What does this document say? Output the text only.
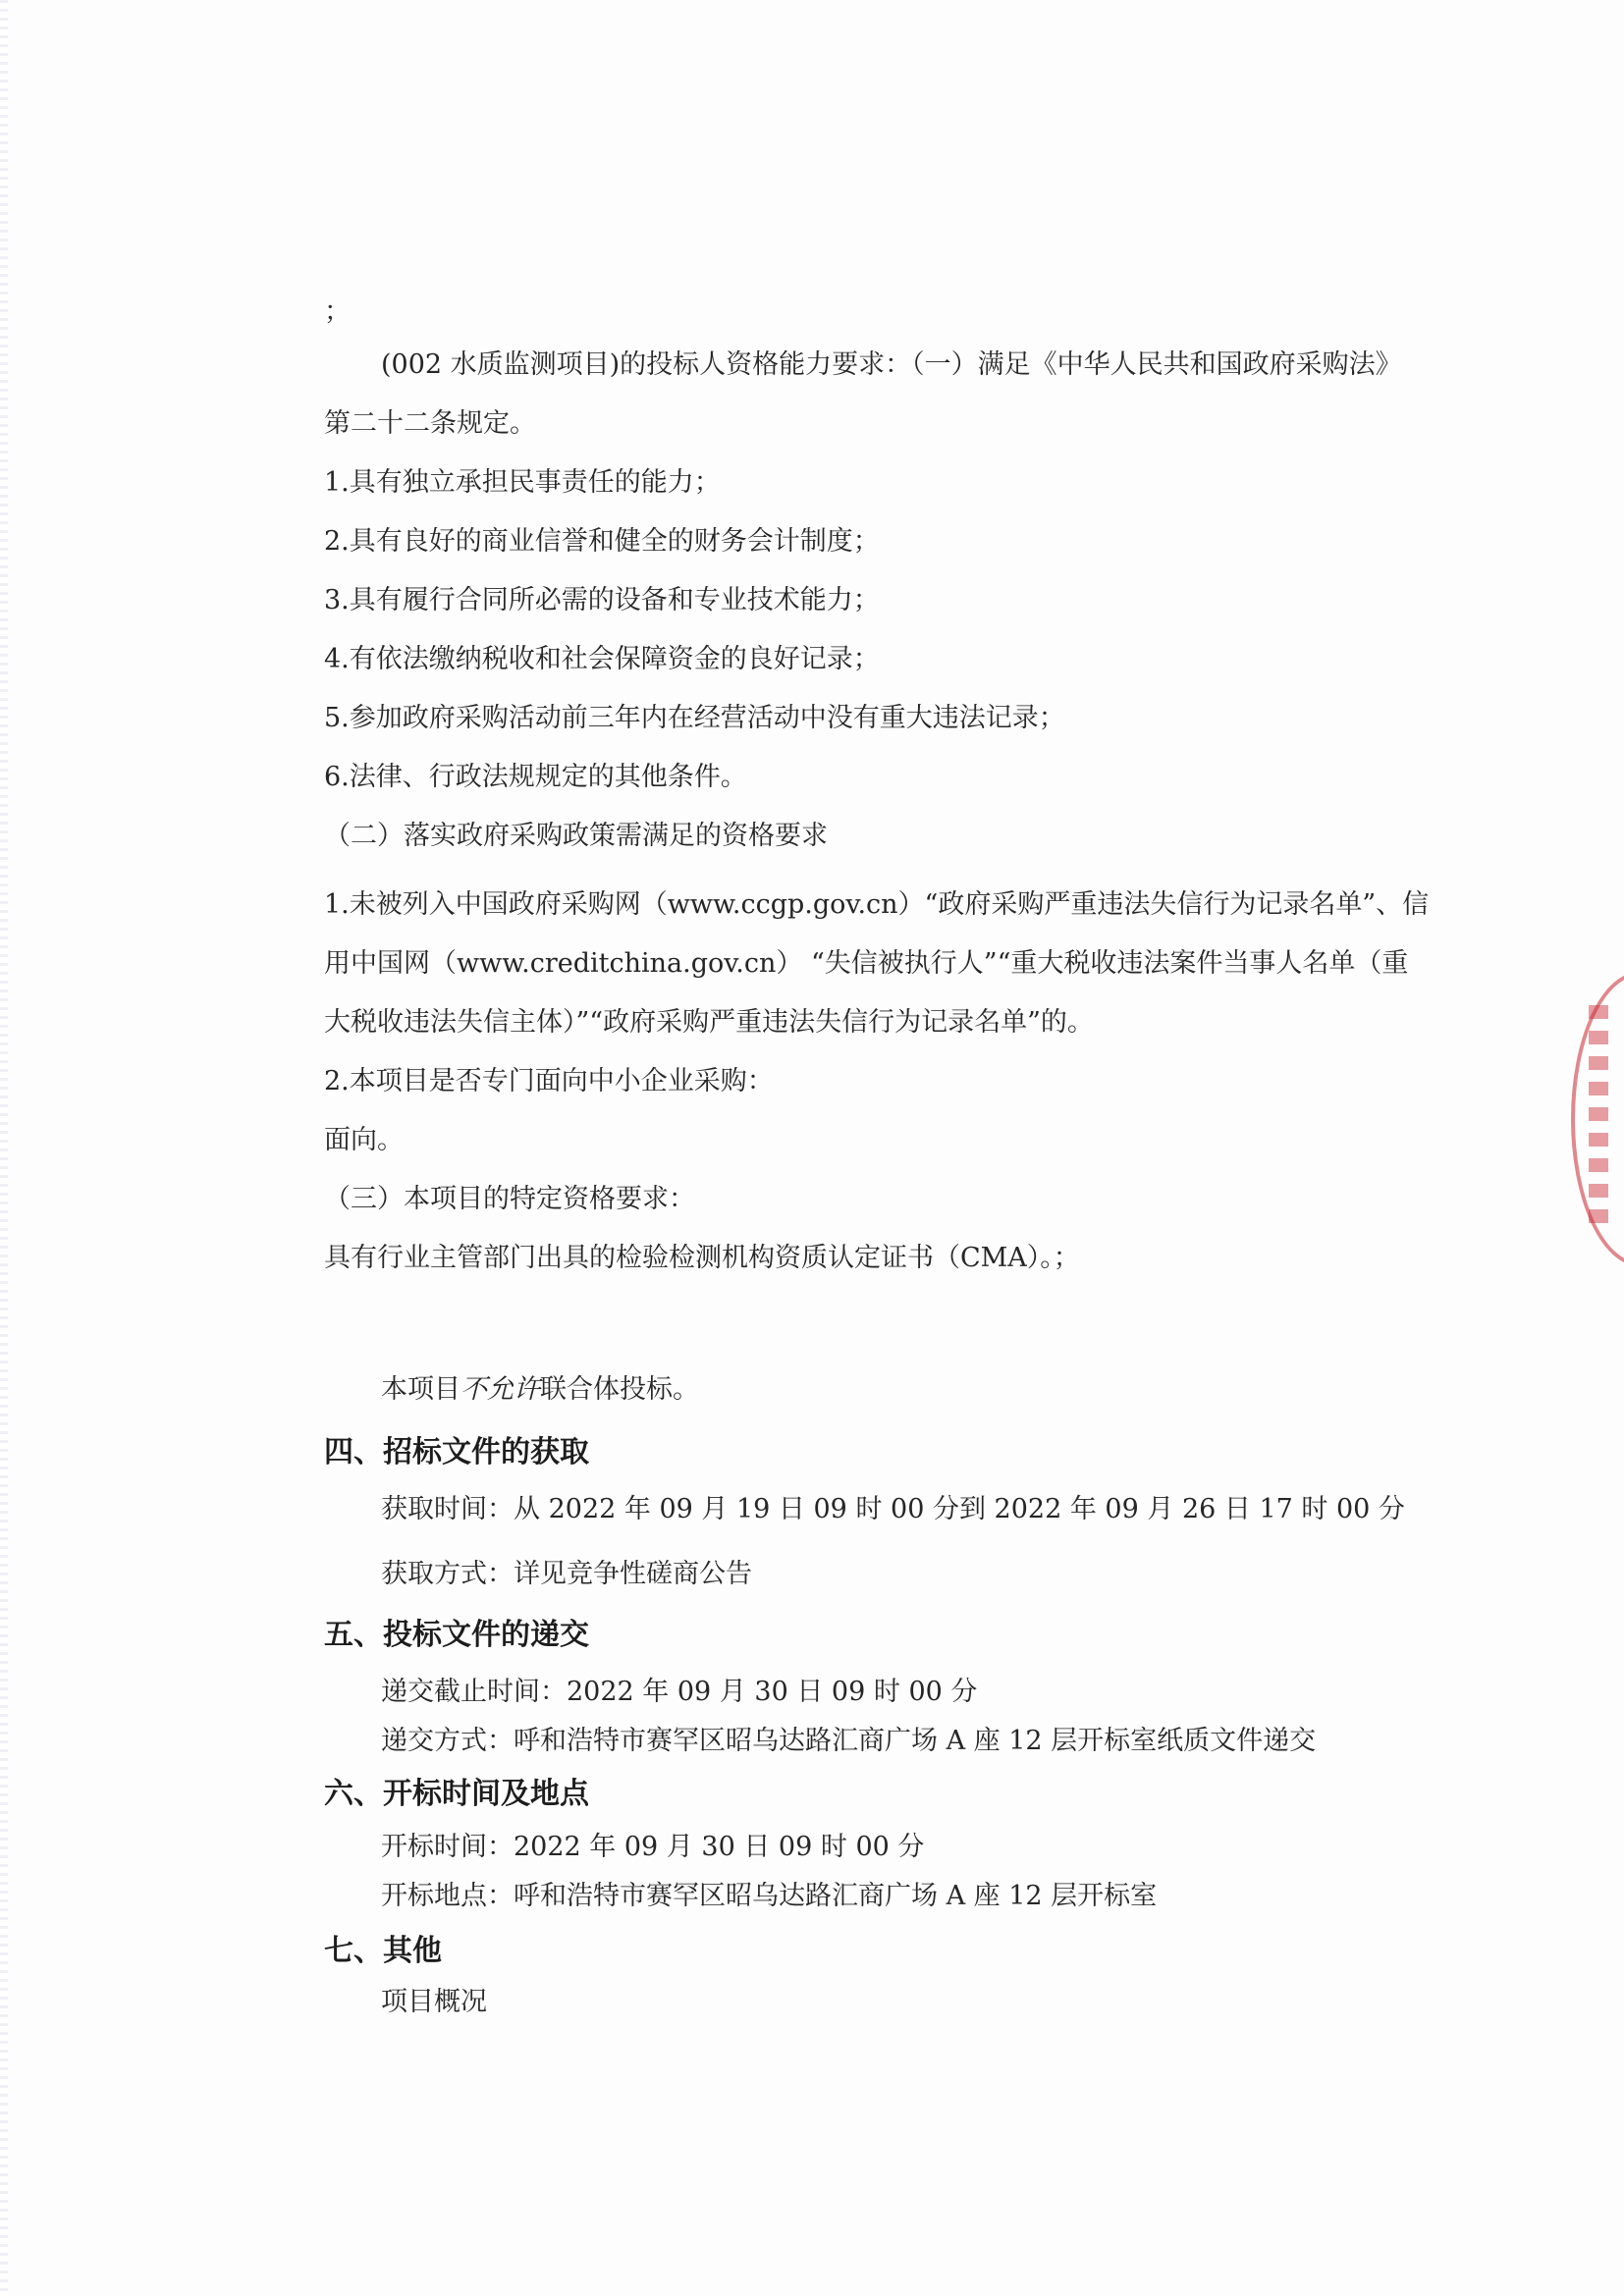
；
(002 水质监测项目)的投标人资格能力要求：（一）满足《中华人民共和国政府采购法》
第二十二条规定。
1.具有独立承担民事责任的能力；
2.具有良好的商业信誉和健全的财务会计制度；
3.具有履行合同所必需的设备和专业技术能力；
4.有依法缴纳税收和社会保障资金的良好记录；
5.参加政府采购活动前三年内在经营活动中没有重大违法记录；
6.法律、行政法规规定的其他条件。
（二）落实政府采购政策需满足的资格要求
1.未被列入中国政府采购网（www.ccgp.gov.cn）“政府采购严重违法失信行为记录名单”、信
用中国网（www.creditchina.gov.cn） “失信被执行人”“重大税收违法案件当事人名单（重
大税收违法失信主体）”“政府采购严重违法失信行为记录名单”的。
2.本项目是否专门面向中小企业采购：
面向。
（三）本项目的特定资格要求：
具有行业主管部门出具的检验检测机构资质认定证书（CMA）。；
本项目不允许联合体投标。
四、招标文件的获取
获取时间：从 2022 年 09 月 19 日 09 时 00 分到 2022 年 09 月 26 日 17 时 00 分
获取方式：详见竞争性磋商公告
五、投标文件的递交
递交截止时间：2022 年 09 月 30 日 09 时 00 分
递交方式：呼和浩特市赛罕区昭乌达路汇商广场 A 座 12 层开标室纸质文件递交
六、开标时间及地点
开标时间：2022 年 09 月 30 日 09 时 00 分
开标地点：呼和浩特市赛罕区昭乌达路汇商广场 A 座 12 层开标室
七、其他
项目概况
